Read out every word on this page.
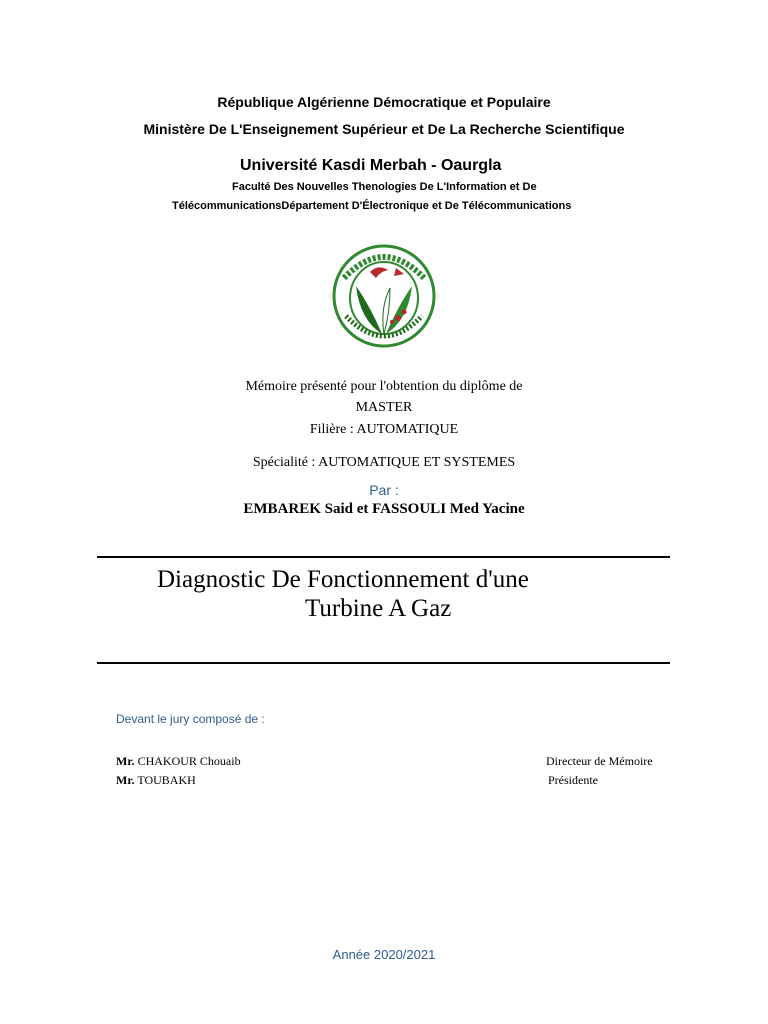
République Algérienne Démocratique et Populaire
Ministère De L'Enseignement Supérieur et De La Recherche Scientifique
Université Kasdi Merbah - Oaurgla
Faculté Des Nouvelles Thenologies De L'Information et De
TélécommunicationsDépartement D'Électronique et De Télécommunications
Mémoire présenté pour l'obtention du diplôme de
MASTER
Filière : AUTOMATIQUE
Spécialité : AUTOMATIQUE ET SYSTEMES
Par :
EMBAREK Said et FASSOULI Med Yacine
Diagnostic De Fonctionnement d'une
Turbine A Gaz
Devant le jury composé de :
Mr. CHAKOUR Chouaib	Directeur de Mémoire
Mr. TOUBAKH	Présidente
Année 2020/2021
